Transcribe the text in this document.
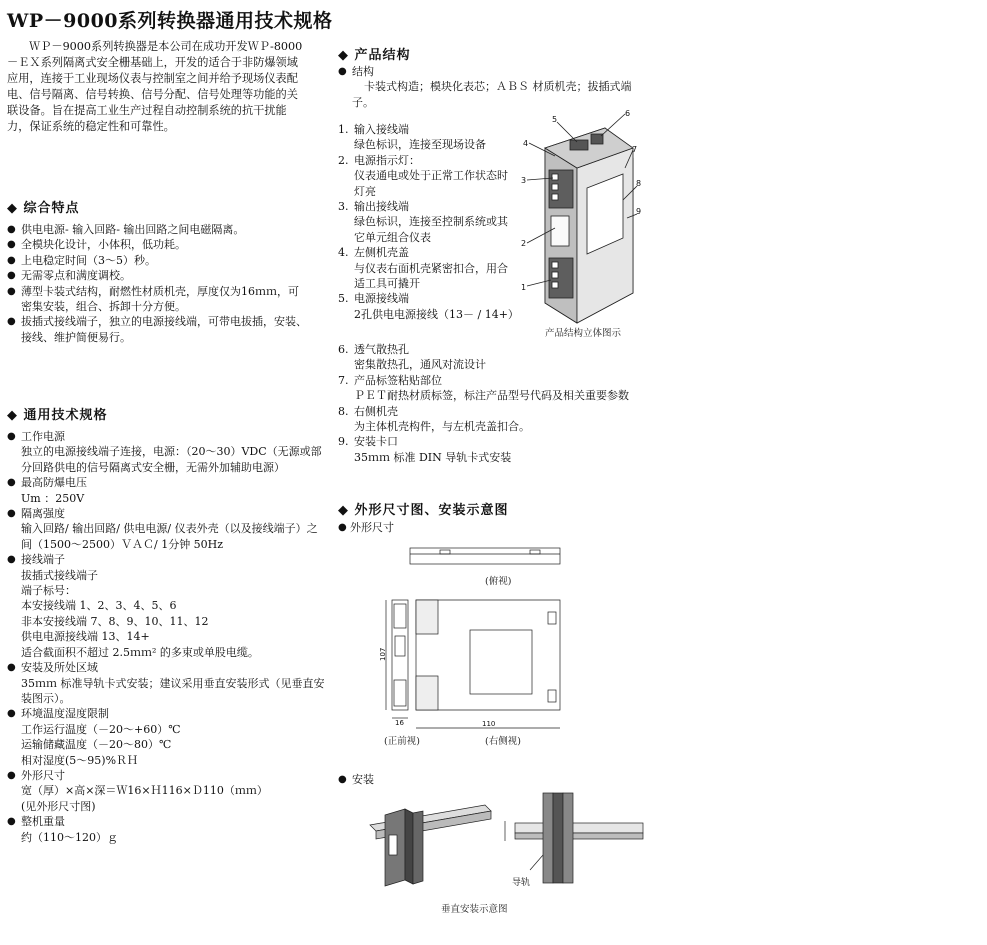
WP－9000系列转换器通用技术规格
ＷＰ－9000系列转换器是本公司在成功开发ＷＰ-8000－ＥＸ系列隔离式安全栅基础上，开发的适合于非防爆领域应用，连接于工业现场仪表与控制室之间并给予现场仪表配电、信号隔离、信号转换、信号分配、信号处理等功能的关联设备。旨在提高工业生产过程自动控制系统的抗干扰能力，保证系统的稳定性和可靠性。
◆ 综合特点
● 供电电源- 输入回路- 输出回路之间电磁隔离。
● 全模块化设计，小体积，低功耗。
● 上电稳定时间（3～5）秒。
● 无需零点和满度调校。
● 薄型卡装式结构，耐燃性材质机壳，厚度仅为16ｍｍ，可密集安装，组合、拆卸十分方便。
● 拔插式接线端子，独立的电源接线端，可带电拔插，安装、接线、维护简便易行。
◆ 通用技术规格
● 工作电源
独立的电源接线端子连接，电源：（20～30）VDC（无源或部分回路供电的信号隔离式安全栅，无需外加辅助电源）
● 最高防爆电压
Um ：250V
● 隔离强度
输入回路/ 输出回路/ 供电电源/ 仪表外壳（以及接线端子）之间（1500～2500）ＶＡＣ/ 1分钟 50Hz
● 接线端子
拔插式接线端子
端子标号：
本安接线端 1、2、3、4、5、6
非本安接线端 7、8、9、10、11、12
供电电源接线端 13、14+
适合截面积不超过 2.5ｍｍ² 的多束或单股电缆。
● 安装及所处区域
35ｍｍ 标准导轨卡式安装；建议采用垂直安装形式（见垂直安装图示）。
● 环境温度湿度限制
工作运行温度（－20～+60）℃
运输储藏温度（－20～80）℃
相对湿度(5～95)%ＲＨ
● 外形尺寸
宽（厚）×高×深＝Ｗ16×Ｈ116×Ｄ110（ｍｍ）
(见外形尺寸图)
● 整机重量
约（110～120）ｇ
◆ 产品结构
● 结构
卡装式构造；模块化表芯；ＡＢＳ 材质机壳；拔插式端子。
1. 输入接线端
绿色标识，连接至现场设备
2. 电源指示灯：
仪表通电或处于正常工作状态时灯亮
3. 输出接线端
绿色标识，连接至控制系统或其它单元组合仪表
4. 左侧机壳盖
与仪表右面机壳紧密扣合，用合适工具可撬开
5. 电源接线端
2孔供电电源接线（13－ / 14+）
6. 透气散热孔
密集散热孔，通风对流设计
7. 产品标签粘贴部位
ＰＥＴ耐热材质标签，标注产品型号代码及相关重要参数
8. 右侧机壳
为主体机壳构件，与左机壳盖扣合。
9. 安装卡口
35ｍｍ 标准 DIN 导轨卡式安装
1
2
3
4
5
6
7
8
9
产品结构立体图示
◆ 外形尺寸图、安装示意图
● 外形尺寸
107
16	110
(俯视)
(正前视)	(右侧视)
● 安装
导轨
垂直安装示意图
